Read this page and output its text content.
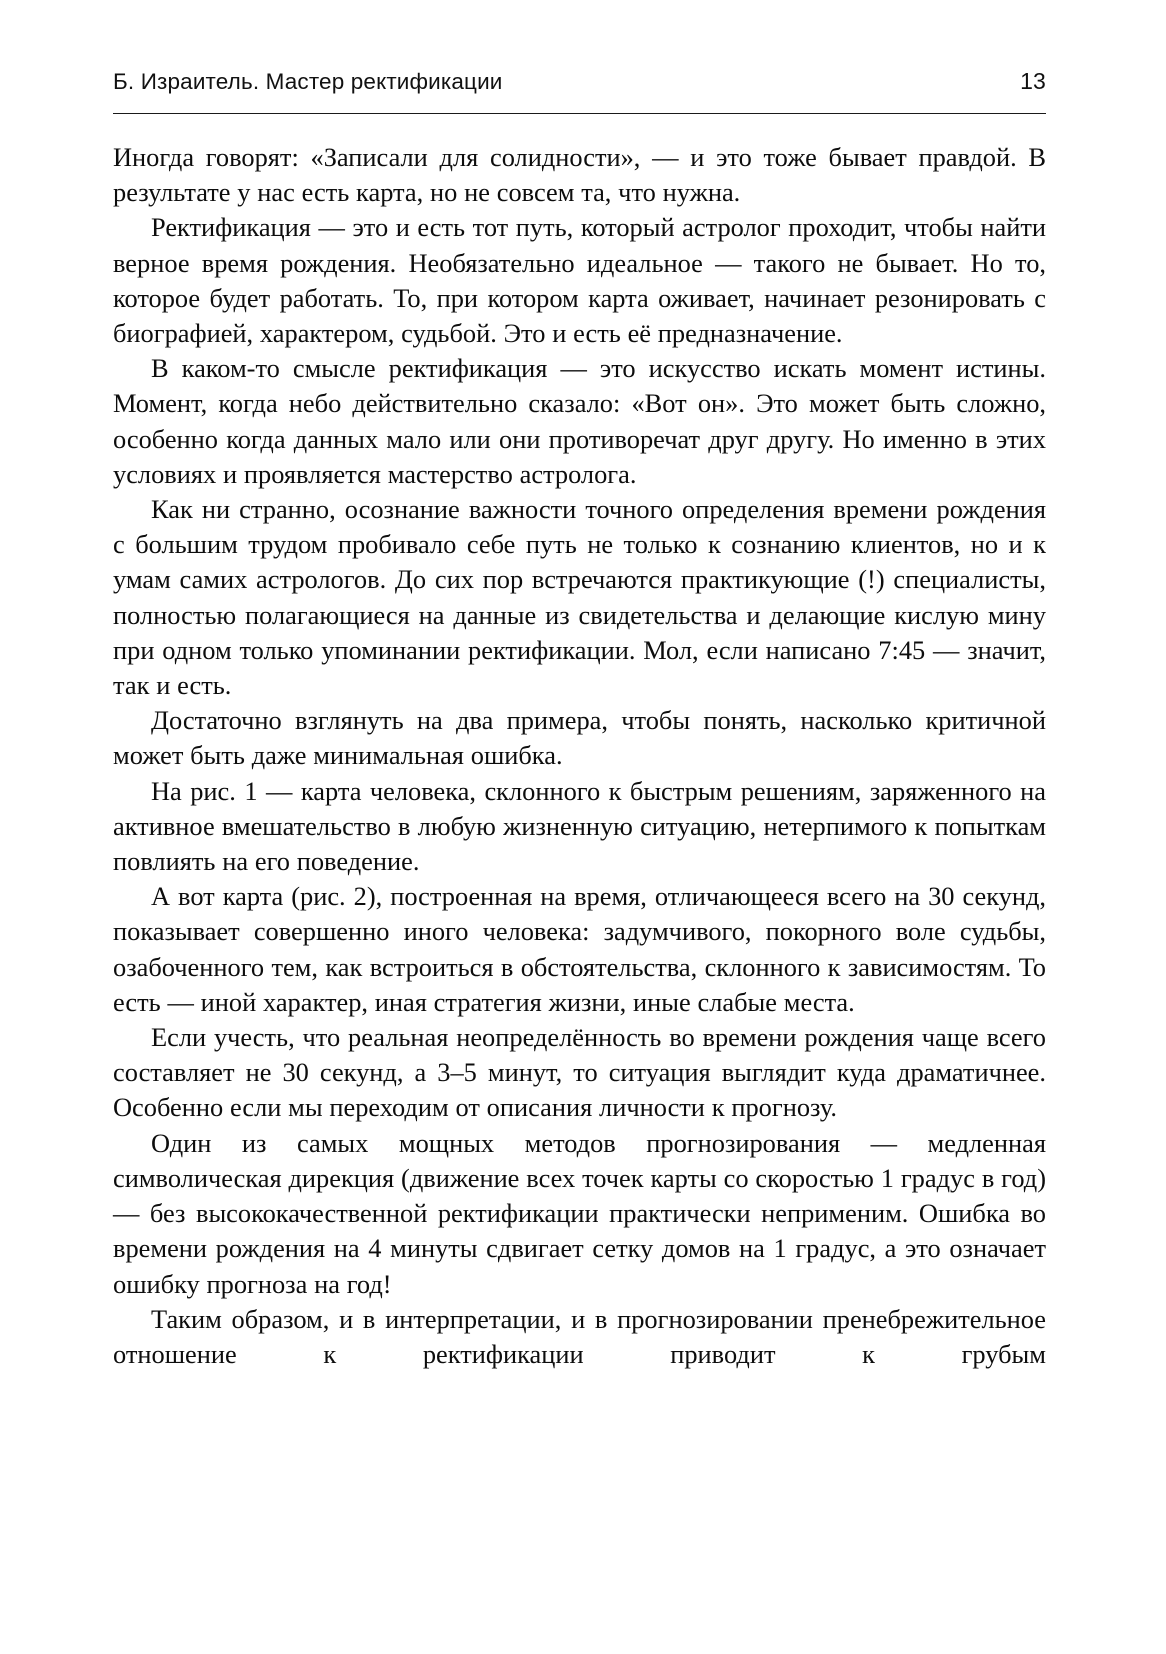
Б. Израитель. Мастер ректификации	13

Иногда говорят: «Записали для солидности», — и это тоже бывает правдой. В результате у нас есть карта, но не совсем та, что нужна.

Ректификация — это и есть тот путь, который астролог проходит, чтобы найти верное время рождения. Необязательно идеальное — такого не бывает. Но то, которое будет работать. То, при котором карта оживает, начинает резонировать с биографией, характером, судьбой. Это и есть её предназначение.

В каком-то смысле ректификация — это искусство искать момент истины. Момент, когда небо действительно сказало: «Вот он». Это может быть сложно, особенно когда данных мало или они противоречат друг другу. Но именно в этих условиях и проявляется мастерство астролога.

Как ни странно, осознание важности точного определения времени рождения с большим трудом пробивало себе путь не только к сознанию клиентов, но и к умам самих астрологов. До сих пор встречаются практикующие (!) специалисты, полностью полагающиеся на данные из свидетельства и делающие кислую мину при одном только упоминании ректификации. Мол, если написано 7:45 — значит, так и есть.

Достаточно взглянуть на два примера, чтобы понять, насколько критичной может быть даже минимальная ошибка.

На рис. 1 — карта человека, склонного к быстрым решениям, заряженного на активное вмешательство в любую жизненную ситуацию, нетерпимого к попыткам повлиять на его поведение.

А вот карта (рис. 2), построенная на время, отличающееся всего на 30 секунд, показывает совершенно иного человека: задумчивого, покорного воле судьбы, озабоченного тем, как встроиться в обстоятельства, склонного к зависимостям. То есть — иной характер, иная стратегия жизни, иные слабые места.

Если учесть, что реальная неопределённость во времени рождения чаще всего составляет не 30 секунд, а 3–5 минут, то ситуация выглядит куда драматичнее. Особенно если мы переходим от описания личности к прогнозу.

Один из самых мощных методов прогнозирования — медленная символическая дирекция (движение всех точек карты со скоростью 1 градус в год) — без высококачественной ректификации практически неприменим. Ошибка во времени рождения на 4 минуты сдвигает сетку домов на 1 градус, а это означает ошибку прогноза на год!

Таким образом, и в интерпретации, и в прогнозировании пренебрежительное отношение к ректификации приводит к грубым
